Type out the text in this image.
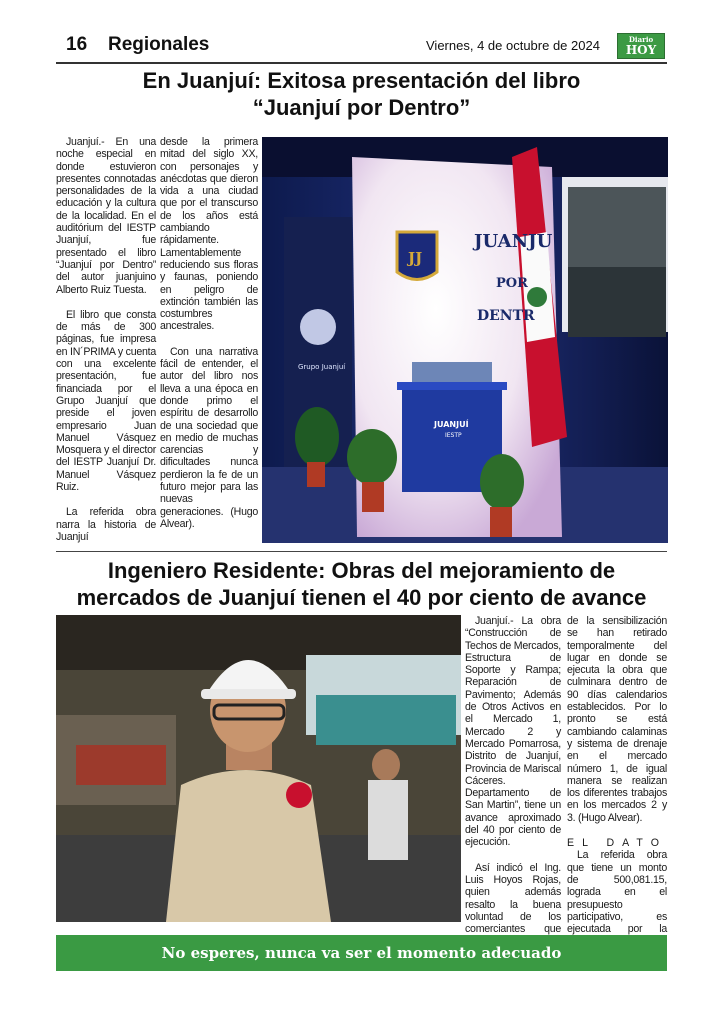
16 Regionales	Viernes, 4 de octubre de 2024	Diario
HOY
En Juanjuí: Exitosa presentación del libro
“Juanjuí por Dentro”

Juanjuí.- En una noche especial en donde estuvieron presentes connotadas personalidades de la educación y la cultura de la localidad. En el auditórium del IESTP Juanjuí, fue presentado el libro “Juanjuí por Dentro” del autor juanjuino Alberto Ruiz Tuesta.

El libro que consta de más de 300 páginas, fue impresa en IN´PRIMA y cuenta con una excelente presentación, fue financiada por el Grupo Juanjuí que preside el joven empresario Juan Manuel Vásquez Mosquera y el director del IESTP Juanjuí Dr. Manuel Vásquez Ruiz.

La referida obra narra la historia de Juanjuí

desde la primera mitad del siglo XX, con personajes y anécdotas que dieron vida a una ciudad que por el transcurso de los años está cambiando rápidamente. Lamentablemente reduciendo sus floras y faunas, poniendo en peligro de extinción también las costumbres ancestrales.

Con una narrativa fácil de entender, el autor del libro nos lleva a una época en donde primo el espíritu de desarrollo de una sociedad que en medio de muchas carencias y dificultades nunca perdieron la fe de un futuro mejor para las nuevas generaciones. (Hugo Alvear).

JUANJU
POR
DENTR
JJ
Grupo Juanjuí
JUANJUÍ
IESTP
Ingeniero Residente: Obras del mejoramiento de
mercados de Juanjuí tienen el 40 por ciento de avance

Juanjuí.- La obra “Construcción de Techos de Mercados, Estructura de Soporte y Rampa; Reparación de Pavimento; Además de Otros Activos en el Mercado 1, Mercado 2 y Mercado Pomarrosa, Distrito de Juanjuí, Provincia de Mariscal Cáceres. Departamento de San Martin”, tiene un avance aproximado del 40 por ciento de ejecución.

Así indicó el Ing. Luis Hoyos Rojas, quien además resalto la buena voluntad de los comerciantes que

de la sensibilización se han retirado temporalmente del lugar en donde se ejecuta la obra que culminara dentro de 90 días calendarios establecidos. Por lo pronto se está cambiando calaminas y sistema de drenaje en el mercado número 1, de igual manera se realizan los diferentes trabajos en los mercados 2 y 3. (Hugo Alvear).

EL DATO

La referida obra que tiene un monto de 500,081.15, lograda en el presupuesto participativo, es ejecutada por la

No esperes, nunca va ser el momento adecuado
